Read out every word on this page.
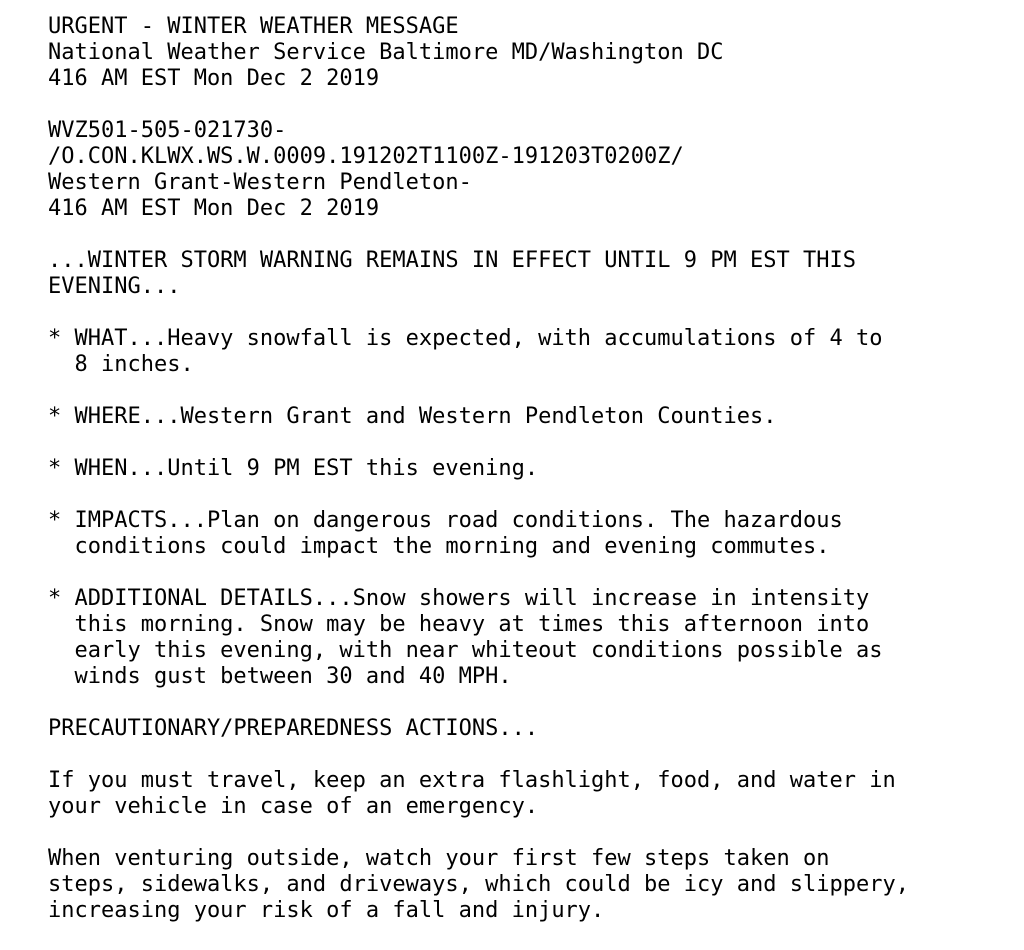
URGENT - WINTER WEATHER MESSAGE
National Weather Service Baltimore MD/Washington DC
416 AM EST Mon Dec 2 2019
WVZ501-505-021730-
/O.CON.KLWX.WS.W.0009.191202T1100Z-191203T0200Z/
Western Grant-Western Pendleton-
416 AM EST Mon Dec 2 2019
...WINTER STORM WARNING REMAINS IN EFFECT UNTIL 9 PM EST THIS
EVENING...
* WHAT...Heavy snowfall is expected, with accumulations of 4 to
8 inches.
* WHERE...Western Grant and Western Pendleton Counties.
* WHEN...Until 9 PM EST this evening.
* IMPACTS...Plan on dangerous road conditions. The hazardous
conditions could impact the morning and evening commutes.
* ADDITIONAL DETAILS...Snow showers will increase in intensity
this morning. Snow may be heavy at times this afternoon into
early this evening, with near whiteout conditions possible as
winds gust between 30 and 40 MPH.
PRECAUTIONARY/PREPAREDNESS ACTIONS...
If you must travel, keep an extra flashlight, food, and water in
your vehicle in case of an emergency.
When venturing outside, watch your first few steps taken on
steps, sidewalks, and driveways, which could be icy and slippery,
increasing your risk of a fall and injury.
